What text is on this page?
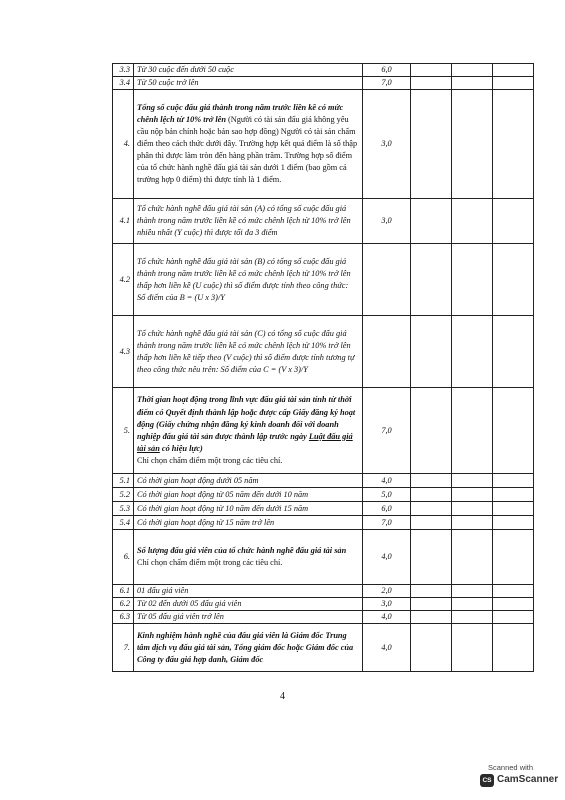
3.3	Từ 30 cuộc đến dưới 50 cuộc	6,0			
3.4	Từ 50 cuộc trở lên	7,0			
4.	Tổng số cuộc đấu giá thành trong năm trước liền kề có mức chênh lệch từ 10% trở lên (Người có tài sản đấu giá không yêu cầu nộp bản chính hoặc bản sao hợp đồng) Người có tài sản chấm điểm theo cách thức dưới đây. Trường hợp kết quả điểm là số thập phân thì được làm tròn đến hàng phần trăm. Trường hợp số điểm của tổ chức hành nghề đấu giá tài sản dưới 1 điểm (bao gồm cả trường hợp 0 điểm) thì được tính là 1 điểm.	3,0			
4.1	Tổ chức hành nghề đấu giá tài sản (A) có tổng số cuộc đấu giá thành trong năm trước liền kề có mức chênh lệch từ 10% trở lên nhiều nhất (Y cuộc) thì được tối đa 3 điểm	3,0			
4.2	Tổ chức hành nghề đấu giá tài sản (B) có tổng số cuộc đấu giá thành trong năm trước liền kề có mức chênh lệch từ 10% trở lên thấp hơn liền kề (U cuộc) thì số điểm được tính theo công thức:
Số điểm của B = (U x 3)/Y				
4.3	Tổ chức hành nghề đấu giá tài sản (C) có tổng số cuộc đấu giá thành trong năm trước liền kề có mức chênh lệch từ 10% trở lên thấp hơn liền kề tiếp theo (V cuộc) thì số điểm được tính tương tự theo công thức nêu trên: Số điểm của C = (V x 3)/Y				
5.	Thời gian hoạt động trong lĩnh vực đấu giá tài sản tính từ thời điểm có Quyết định thành lập hoặc được cấp Giấy đăng ký hoạt động (Giấy chứng nhận đăng ký kinh doanh đối với doanh nghiệp đấu giá tài sản được thành lập trước ngày Luật đấu giá tài sản có hiệu lực)
Chỉ chọn chấm điểm một trong các tiêu chí.	7,0			
5.1	Có thời gian hoạt động dưới 05 năm	4,0			
5.2	Có thời gian hoạt động từ 05 năm đến dưới 10 năm	5,0			
5.3	Có thời gian hoạt động từ 10 năm đến dưới 15 năm	6,0			
5.4	Có thời gian hoạt động từ 15 năm trở lên	7,0			
6.	Số lượng đấu giá viên của tổ chức hành nghề đấu giá tài sản
Chỉ chọn chấm điểm một trong các tiêu chí.	4,0			
6.1	01 đấu giá viên	2,0			
6.2	Từ 02 đến dưới 05 đấu giá viên	3,0			
6.3	Từ 05 đấu giá viên trở lên	4,0			
7.	Kinh nghiệm hành nghề của đấu giá viên là Giám đốc Trung tâm dịch vụ đấu giá tài sản, Tổng giám đốc hoặc Giám đốc của Công ty đấu giá hợp danh, Giám đốc	4,0			
4
Scanned with
CS CamScanner
